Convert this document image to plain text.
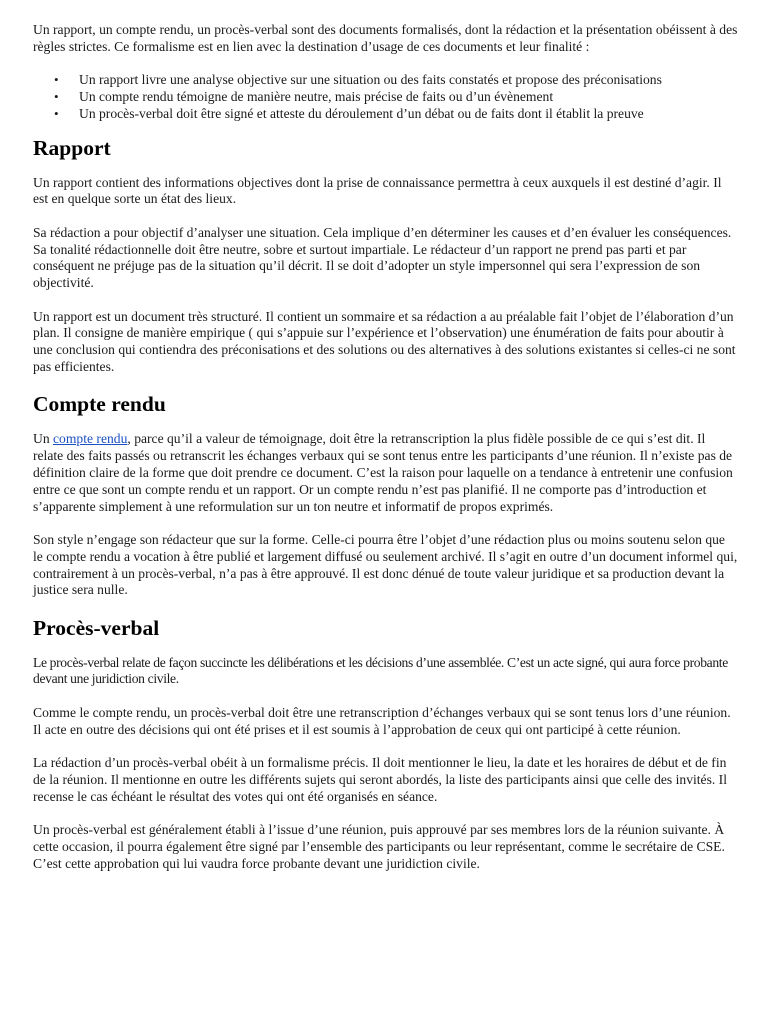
Un rapport, un compte rendu, un procès-verbal sont des documents formalisés, dont la rédaction et la présentation obéissent à des règles strictes. Ce formalisme est en lien avec la destination d’usage de ces documents et leur finalité :

• Un rapport livre une analyse objective sur une situation ou des faits constatés et propose des préconisations
• Un compte rendu témoigne de manière neutre, mais précise de faits ou d’un évènement
• Un procès-verbal doit être signé et atteste du déroulement d’un débat ou de faits dont il établit la preuve
Rapport

Un rapport contient des informations objectives dont la prise de connaissance permettra à ceux auxquels il est destiné d’agir. Il est en quelque sorte un état des lieux.

Sa rédaction a pour objectif d’analyser une situation. Cela implique d’en déterminer les causes et d’en évaluer les conséquences. Sa tonalité rédactionnelle doit être neutre, sobre et surtout impartiale. Le rédacteur d’un rapport ne prend pas parti et par conséquent ne préjuge pas de la situation qu’il décrit. Il se doit d’adopter un style impersonnel qui sera l’expression de son objectivité.

Un rapport est un document très structuré. Il contient un sommaire et sa rédaction a au préalable fait l’objet de l’élaboration d’un plan. Il consigne de manière empirique ( qui s’appuie sur l’expérience et l’observation) une énumération de faits pour aboutir à une conclusion qui contiendra des préconisations et des solutions ou des alternatives à des solutions existantes si celles-ci ne sont pas efficientes.

Compte rendu

Un compte rendu, parce qu’il a valeur de témoignage, doit être la retranscription la plus fidèle possible de ce qui s’est dit. Il relate des faits passés ou retranscrit les échanges verbaux qui se sont tenus entre les participants d’une réunion. Il n’existe pas de définition claire de la forme que doit prendre ce document. C’est la raison pour laquelle on a tendance à entretenir une confusion entre ce que sont un compte rendu et un rapport. Or un compte rendu n’est pas planifié. Il ne comporte pas d’introduction et s’apparente simplement à une reformulation sur un ton neutre et informatif de propos exprimés.

Son style n’engage son rédacteur que sur la forme. Celle-ci pourra être l’objet d’une rédaction plus ou moins soutenu selon que le compte rendu a vocation à être publié et largement diffusé ou seulement archivé. Il s’agit en outre d’un document informel qui, contrairement à un procès-verbal, n’a pas à être approuvé. Il est donc dénué de toute valeur juridique et sa production devant la justice sera nulle.

Procès-verbal

Le procès-verbal relate de façon succincte les délibérations et les décisions d’une assemblée. C’est un acte signé, qui aura force probante devant une juridiction civile.

Comme le compte rendu, un procès-verbal doit être une retranscription d’échanges verbaux qui se sont tenus lors d’une réunion. Il acte en outre des décisions qui ont été prises et il est soumis à l’approbation de ceux qui ont participé à cette réunion.

La rédaction d’un procès-verbal obéit à un formalisme précis. Il doit mentionner le lieu, la date et les horaires de début et de fin de la réunion. Il mentionne en outre les différents sujets qui seront abordés, la liste des participants ainsi que celle des invités. Il recense le cas échéant le résultat des votes qui ont été organisés en séance.

Un procès-verbal est généralement établi à l’issue d’une réunion, puis approuvé par ses membres lors de la réunion suivante. À cette occasion, il pourra également être signé par l’ensemble des participants ou leur représentant, comme le secrétaire de CSE. C’est cette approbation qui lui vaudra force probante devant une juridiction civile.
